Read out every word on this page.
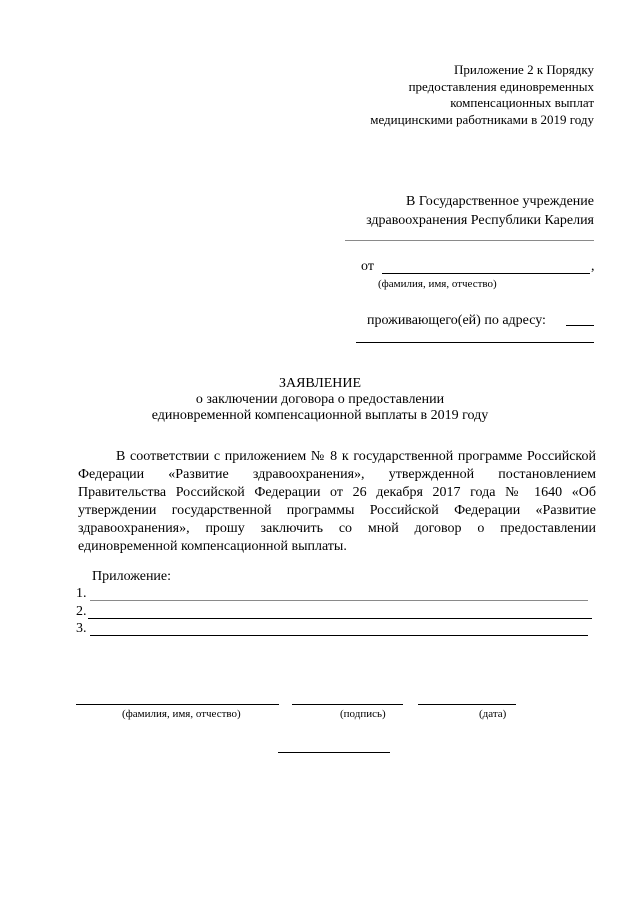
Приложение 2 к Порядку
предоставления единовременных
компенсационных выплат
медицинскими работниками в 2019 году
В Государственное учреждение
здравоохранения Республики Карелия
от	,
(фамилия, имя, отчество)
проживающего(ей) по адресу:
ЗАЯВЛЕНИЕ
о заключении договора о предоставлении
единовременной компенсационной выплаты в 2019 году

В соответствии с приложением № 8 к государственной программе Российской Федерации «Развитие здравоохранения», утвержденной постановлением Правительства Российской Федерации от 26 декабря 2017 года № 1640 «Об утверждении государственной программы Российской Федерации «Развитие здравоохранения», прошу заключить со мной договор о предоставлении единовременной компенсационной выплаты.

Приложение:
1.
2.
3.
(фамилия, имя, отчество)	(подпись)	(дата)
